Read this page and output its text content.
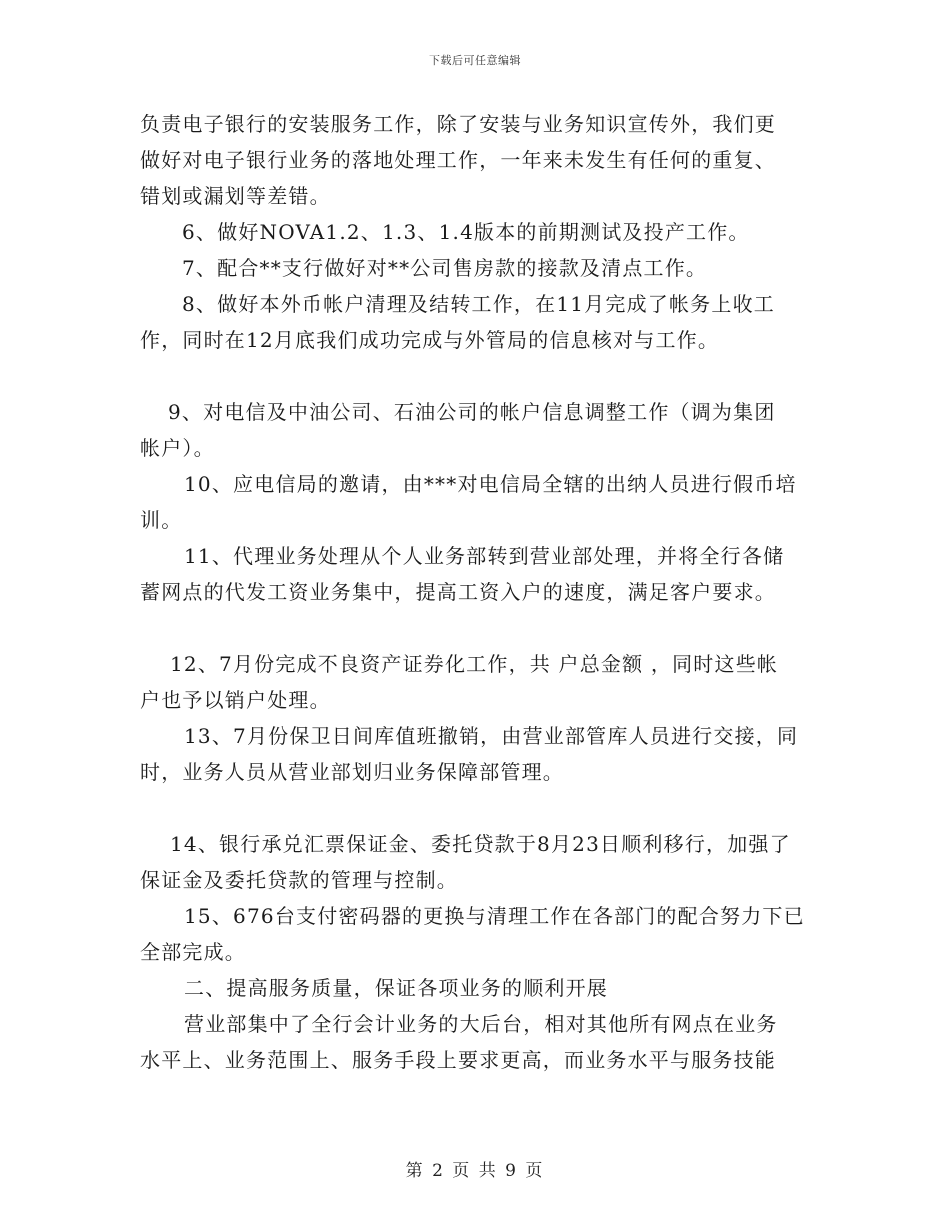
下载后可任意编辑
负责电子银行的安装服务工作，除了安装与业务知识宣传外，我们更
做好对电子银行业务的落地处理工作，一年来未发生有任何的重复、
错划或漏划等差错。
6、做好NOVA1.2、1.3、1.4版本的前期测试及投产工作。
7、配合**支行做好对**公司售房款的接款及清点工作。
8、做好本外币帐户清理及结转工作，在11月完成了帐务上收工
作，同时在12月底我们成功完成与外管局的信息核对与工作。
9、对电信及中油公司、石油公司的帐户信息调整工作（调为集团
帐户）。
10、应电信局的邀请，由***对电信局全辖的出纳人员进行假币培
训。
11、代理业务处理从个人业务部转到营业部处理，并将全行各储
蓄网点的代发工资业务集中，提高工资入户的速度，满足客户要求。
12、7月份完成不良资产证券化工作，共 户总金额 ，同时这些帐
户也予以销户处理。
13、7月份保卫日间库值班撤销，由营业部管库人员进行交接，同
时，业务人员从营业部划归业务保障部管理。
14、银行承兑汇票保证金、委托贷款于8月23日顺利移行，加强了
保证金及委托贷款的管理与控制。
15、676台支付密码器的更换与清理工作在各部门的配合努力下已
全部完成。
二、提高服务质量，保证各项业务的顺利开展
营业部集中了全行会计业务的大后台，相对其他所有网点在业务
水平上、业务范围上、服务手段上要求更高，而业务水平与服务技能
第 2 页 共 9 页
